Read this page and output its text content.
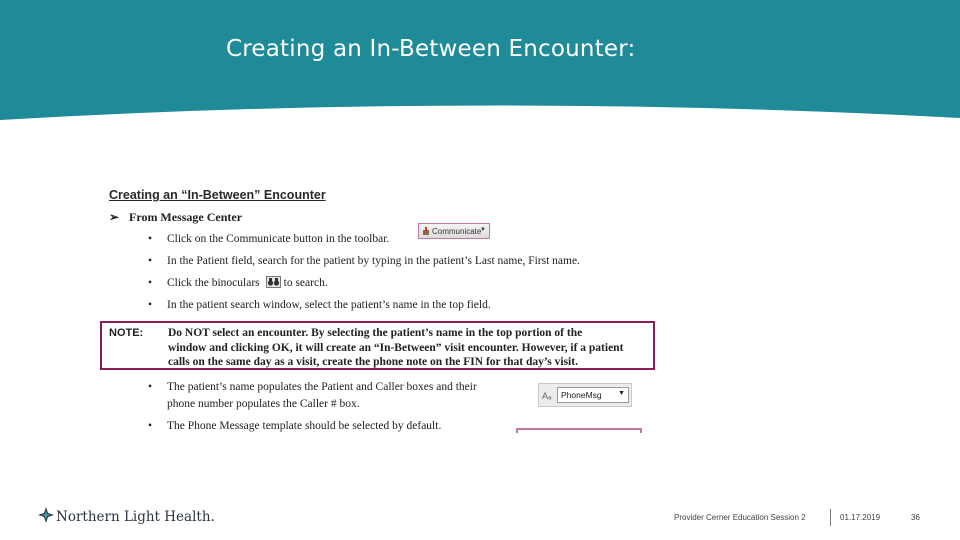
Creating an In-Between Encounter:
Creating an “In-Between” Encounter
➢ From Message Center
• Click on the Communicate button in the toolbar.
• In the Patient field, search for the patient by typing in the patient’s Last name, First name.
• Click the binoculars to search.
• In the patient search window, select the patient’s name in the top field.
NOTE: Do NOT select an encounter. By selecting the patient’s name in the top portion of the
window and clicking OK, it will create an “In-Between” visit encounter. However, if a patient
calls on the same day as a visit, create the phone note on the FIN for that day’s visit.
• The patient’s name populates the Patient and Caller boxes and their
phone number populates the Caller # box.
• The Phone Message template should be selected by default.
Communicate
▼
Aₐ PhoneMsg ▼
Northern Light Health.	Provider Cerner Education Session 2	01.17.2019	36
